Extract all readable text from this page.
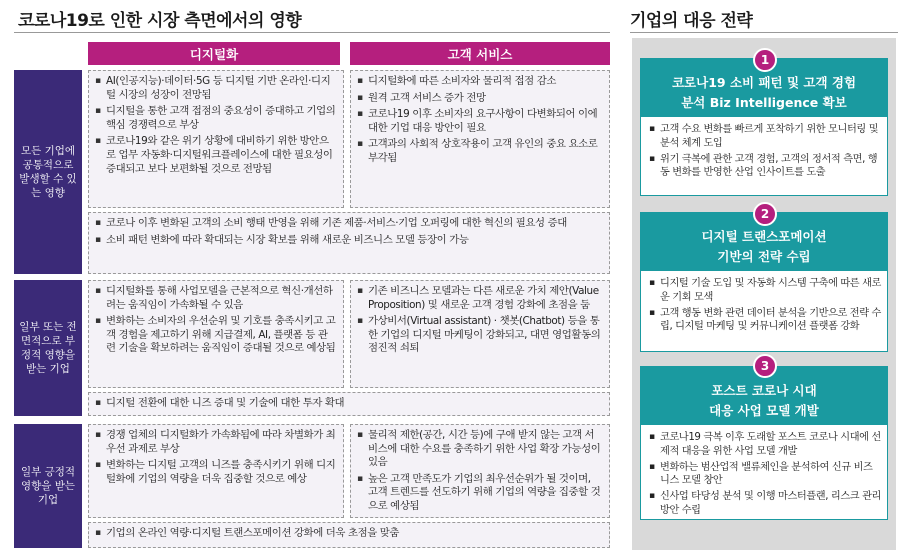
코로나19로 인한 시장 측면에서의 영향	기업의 대응 전략
디지털화	고객 서비스
모든 기업에 공통적으로 발생할 수 있는 영향
▪ AI(인공지능)·데이터·5G 등 디지털 기반 온라인·디지털 시장의 성장이 전망됨
▪ 디지털을 통한 고객 접점의 중요성이 증대하고 기업의 핵심 경쟁력으로 부상
▪ 코로나19와 같은 위기 상황에 대비하기 위한 방안으로 업무 자동화·디지털워크플레이스에 대한 필요성이 증대되고 보다 보편화될 것으로 전망됨
▪ 디지털화에 따른 소비자와 물리적 접점 감소
▪ 원격 고객 서비스 증가 전망
▪ 코로나19 이후 소비자의 요구사항이 다변화되어 이에 대한 기업 대응 방안이 필요
▪ 고객과의 사회적 상호작용이 고객 유인의 중요 요소로 부각됨
▪ 코로나 이후 변화된 고객의 소비 행태 반영을 위해 기존 제품·서비스·기업 오퍼링에 대한 혁신의 필요성 증대
▪ 소비 패턴 변화에 따라 확대되는 시장 확보를 위해 새로운 비즈니스 모델 등장이 가능
일부 또는 전면적으로 부정적 영향을 받는 기업
▪ 디지털화를 통해 사업모델을 근본적으로 혁신·개선하려는 움직임이 가속화될 수 있음
▪ 변화하는 소비자의 우선순위 및 기호를 충족시키고 고객 경험을 제고하기 위해 지급결제, AI, 플랫폼 등 관련 기술을 확보하려는 움직임이 증대될 것으로 예상됨
▪ 기존 비즈니스 모델과는 다른 새로운 가치 제안(Value Proposition) 및 새로운 고객 경험 강화에 초점을 둠
▪ 가상비서(Virtual assistant) · 챗봇(Chatbot) 등을 통한 기업의 디지털 마케팅이 강화되고, 대면 영업활동의 점진적 쇠퇴
▪ 디지털 전환에 대한 니즈 증대 및 기술에 대한 투자 확대
일부 긍정적 영향을 받는 기업
▪ 경쟁 업체의 디지털화가 가속화됨에 따라 차별화가 최우선 과제로 부상
▪ 변화하는 디지털 고객의 니즈를 충족시키기 위해 디지털화에 기업의 역량을 더욱 집중할 것으로 예상
▪ 물리적 제한(공간, 시간 등)에 구애 받지 않는 고객 서비스에 대한 수요를 충족하기 위한 사업 확장 가능성이 있음
▪ 높은 고객 만족도가 기업의 최우선순위가 될 것이며, 고객 트렌드를 선도하기 위해 기업의 역량을 집중할 것으로 예상됨
▪ 기업의 온라인 역량·디지털 트랜스포메이션 강화에 더욱 초점을 맞춤
코로나19 소비 패턴 및 고객 경험
분석 Biz Intelligence 확보
▪ 고객 수요 변화를 빠르게 포착하기 위한 모니터링 및 분석 체계 도입
▪ 위기 극복에 관한 고객 경험, 고객의 정서적 측면, 행동 변화를 반영한 산업 인사이트를 도출
1
디지털 트랜스포메이션
기반의 전략 수립
▪ 디지털 기술 도입 및 자동화 시스템 구축에 따른 새로운 기회 모색
▪ 고객 행동 변화 관련 데이터 분석을 기반으로 전략 수립, 디지털 마케팅 및 커뮤니케이션 플랫폼 강화
2
포스트 코로나 시대
대응 사업 모델 개발
▪ 코로나19 극복 이후 도래할 포스트 코로나 시대에 선제적 대응을 위한 사업 모델 개발
▪ 변화하는 범산업적 밸류체인을 분석하여 신규 비즈니스 모델 창안
▪ 신사업 타당성 분석 및 이행 마스터플랜, 리스크 관리 방안 수립
3
